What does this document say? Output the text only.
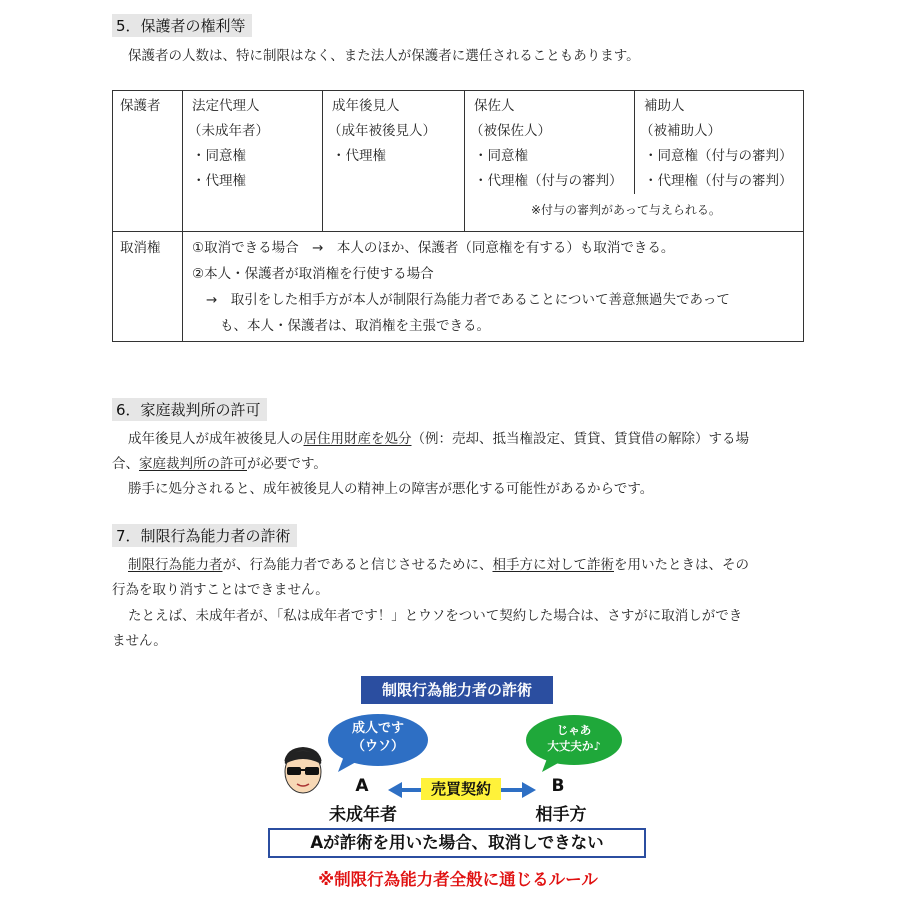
5．保護者の権利等
保護者の人数は、特に制限はなく、また法人が保護者に選任されることもあります。
保護者 法定代理人
（未成年者）
・同意権
・代理権
成年後見人
（成年被後見人）
・代理権
保佐人
（被保佐人）
・同意権
・代理権（付与の審判）
補助人
（被補助人）
・同意権（付与の審判）
・代理権（付与の審判）
※付与の審判があって与えられる。
取消権 ①取消できる場合　→　本人のほか、保護者（同意権を有する）も取消できる。
②本人・保護者が取消権を行使する場合
→　取引をした相手方が本人が制限行為能力者であることについて善意無過失であって
も、本人・保護者は、取消権を主張できる。
6．家庭裁判所の許可
成年後見人が成年被後見人の居住用財産を処分（例：売却、抵当権設定、賃貸、賃貸借の解除）する場
合、家庭裁判所の許可が必要です。
勝手に処分されると、成年被後見人の精神上の障害が悪化する可能性があるからです。
7．制限行為能力者の詐術
制限行為能力者が、行為能力者であると信じさせるために、相手方に対して詐術を用いたときは、その
行為を取り消すことはできません。
たとえば、未成年者が、「私は成年者です！」とウソをついて契約した場合は、さすがに取消しができ
ません。
制限行為能力者の詐術
成人です
（ウソ）
じゃあ
大丈夫か♪
A	B
売買契約
未成年者	相手方
Aが詐術を用いた場合、取消しできない
※制限行為能力者全般に通じるルール
